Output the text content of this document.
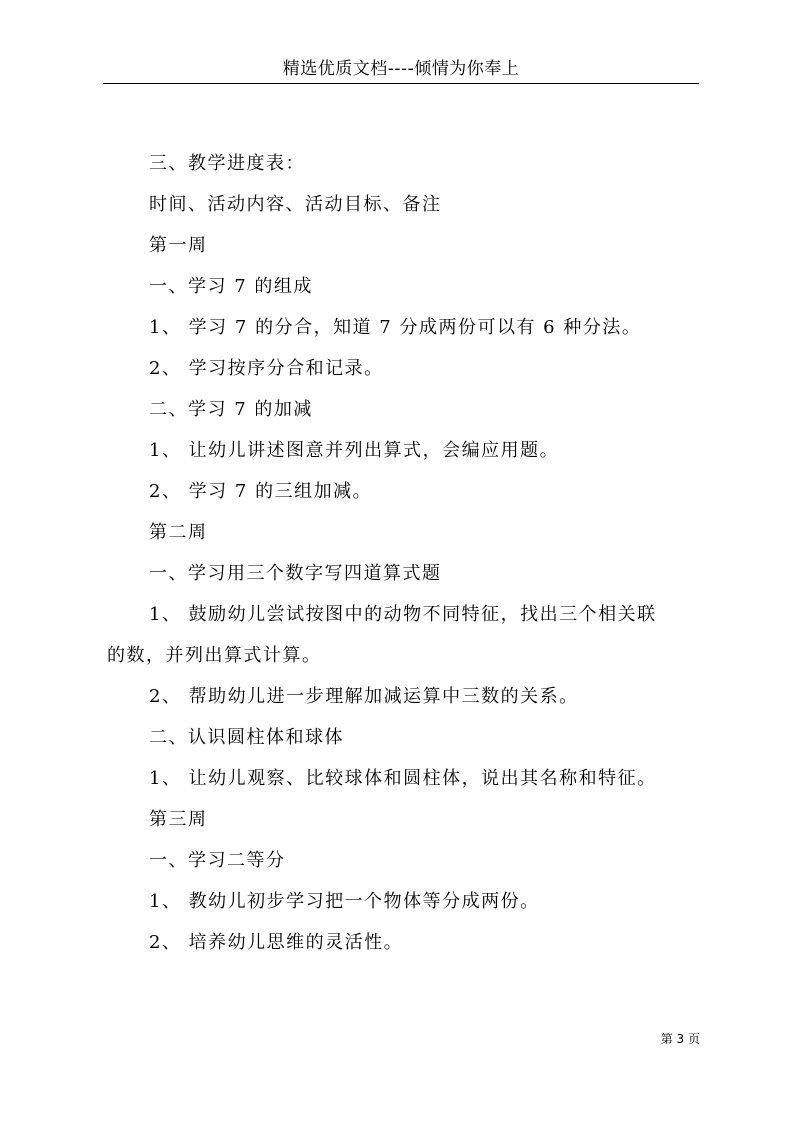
精选优质文档----倾情为你奉上
三、教学进度表：
时间、活动内容、活动目标、备注
第一周
一、学习 7 的组成
1、 学习 7 的分合，知道 7 分成两份可以有 6 种分法。
2、 学习按序分合和记录。
二、学习 7 的加减
1、 让幼儿讲述图意并列出算式，会编应用题。
2、 学习 7 的三组加减。
第二周
一、学习用三个数字写四道算式题
1、 鼓励幼儿尝试按图中的动物不同特征，找出三个相关联
的数，并列出算式计算。
2、 帮助幼儿进一步理解加减运算中三数的关系。
二、认识圆柱体和球体
1、 让幼儿观察、比较球体和圆柱体，说出其名称和特征。
第三周
一、学习二等分
1、 教幼儿初步学习把一个物体等分成两份。
2、 培养幼儿思维的灵活性。
第 3 页
